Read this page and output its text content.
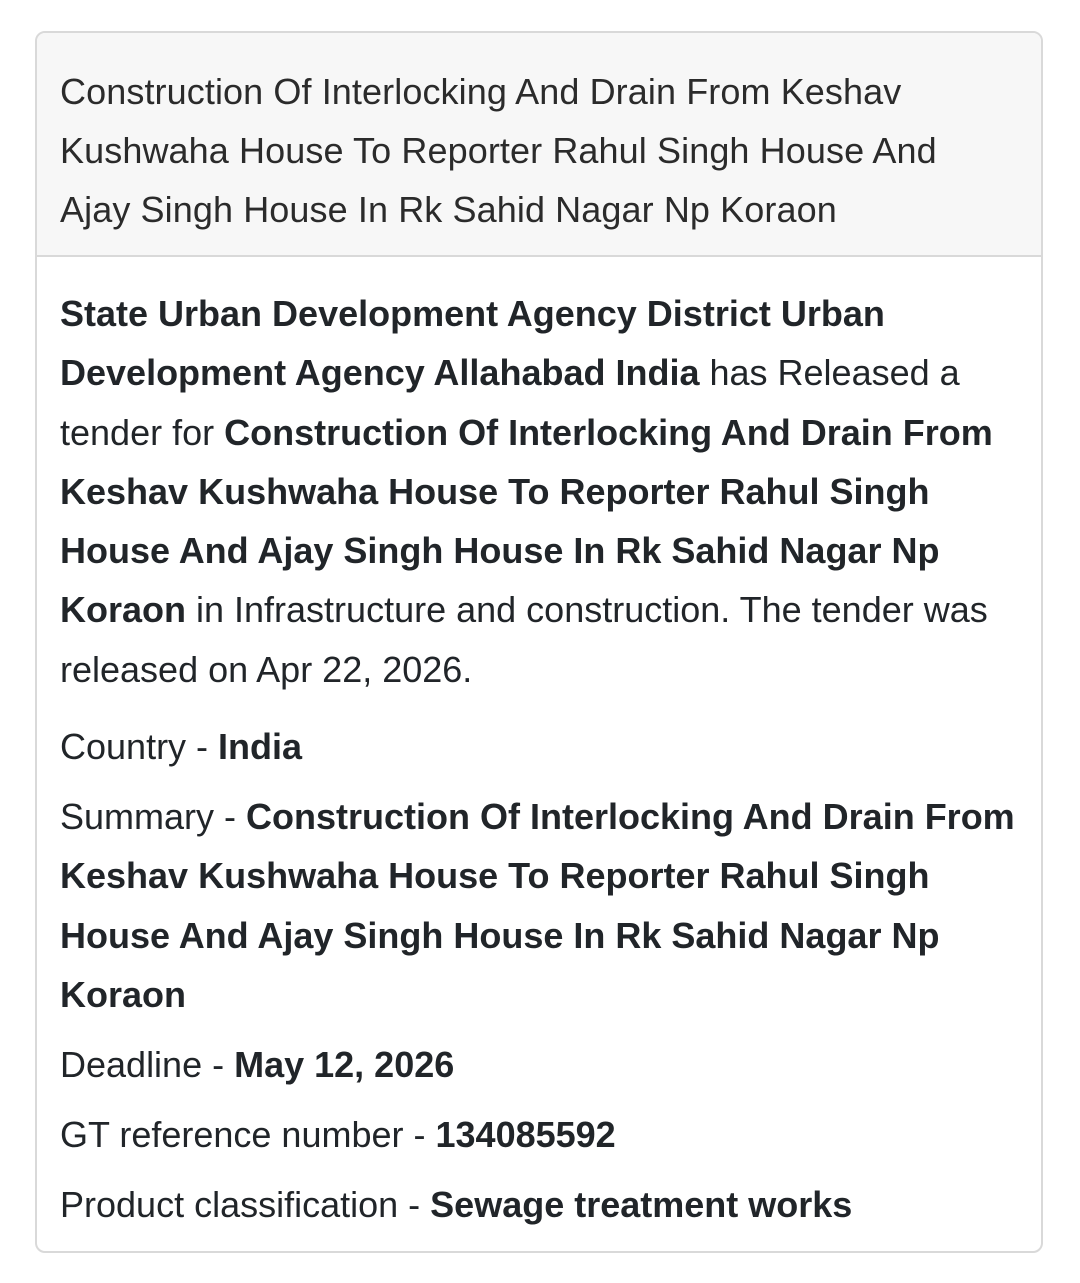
Construction Of Interlocking And Drain From Keshav Kushwaha House To Reporter Rahul Singh House And Ajay Singh House In Rk Sahid Nagar Np Koraon
State Urban Development Agency District Urban Development Agency Allahabad India has Released a tender for Construction Of Interlocking And Drain From Keshav Kushwaha House To Reporter Rahul Singh House And Ajay Singh House In Rk Sahid Nagar Np Koraon in Infrastructure and construction. The tender was released on Apr 22, 2026.
Country - India
Summary - Construction Of Interlocking And Drain From Keshav Kushwaha House To Reporter Rahul Singh House And Ajay Singh House In Rk Sahid Nagar Np Koraon
Deadline - May 12, 2026
GT reference number - 134085592
Product classification - Sewage treatment works
